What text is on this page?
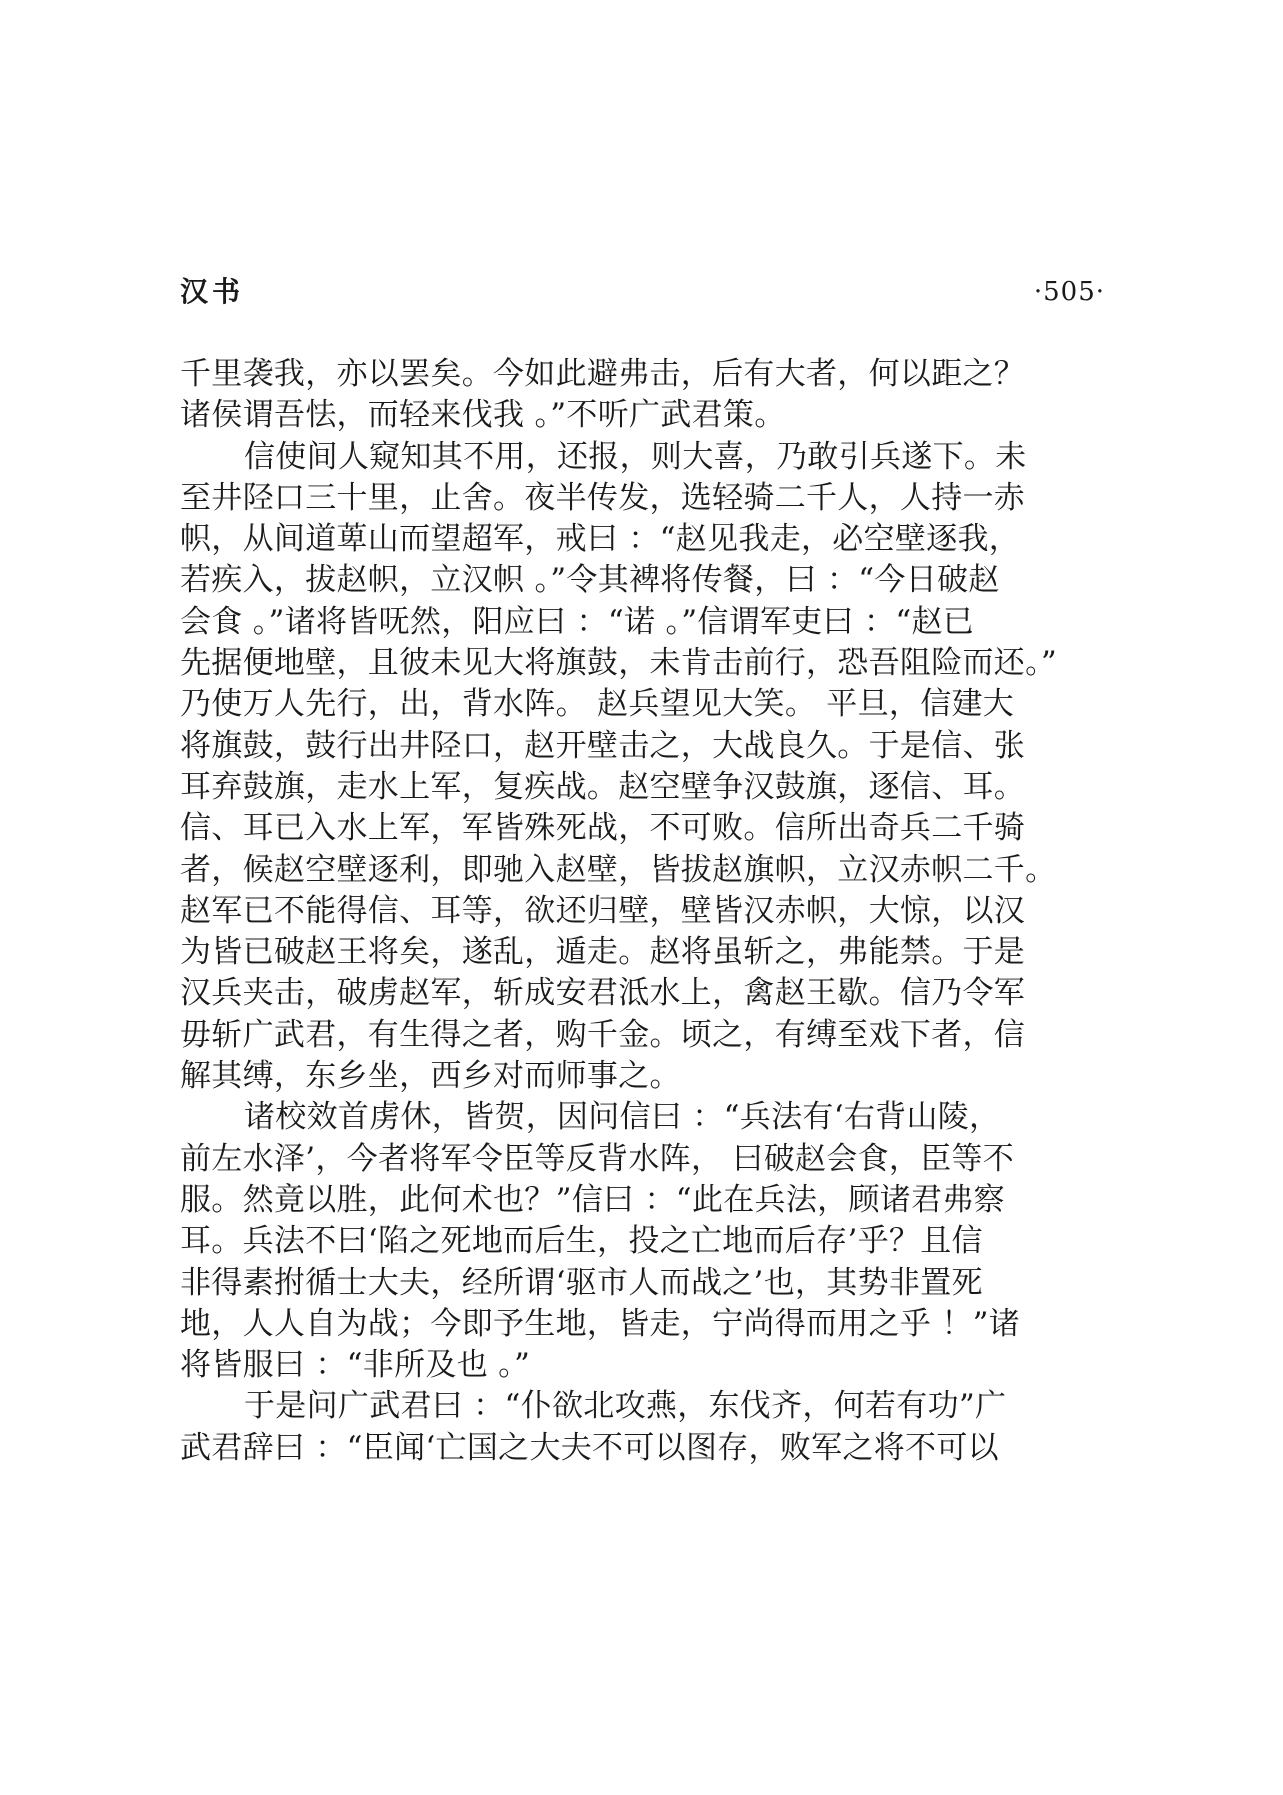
汉书	·505·
千里袭我，亦以罢矣。今如此避弗击，后有大者，何以距之？
诸侯谓吾怯，而轻来伐我 。”不听广武君策。
信使间人窥知其不用，还报，则大喜，乃敢引兵遂下。未
至井陉口三十里，止舍。夜半传发，选轻骑二千人，人持一赤
帜，从间道萆山而望超军，戒曰 ：“赵见我走，必空壁逐我，
若疾入，拔赵帜，立汉帜 。”令其裨将传餐，曰 ：“今日破赵
会食 。”诸将皆呒然，阳应曰 ：“诺 。”信谓军吏曰 ：“赵已
先据便地壁，且彼未见大将旗鼓，未肯击前行，恐吾阻险而还。”
乃使万人先行，出，背水阵。 赵兵望见大笑。 平旦，信建大
将旗鼓，鼓行出井陉口，赵开壁击之，大战良久。于是信、张
耳弃鼓旗，走水上军，复疾战。赵空壁争汉鼓旗，逐信、耳。
信、耳已入水上军，军皆殊死战，不可败。信所出奇兵二千骑
者，候赵空壁逐利，即驰入赵壁，皆拔赵旗帜，立汉赤帜二千。
赵军已不能得信、耳等，欲还归壁，壁皆汉赤帜，大惊，以汉
为皆已破赵王将矣，遂乱，遁走。赵将虽斩之，弗能禁。于是
汉兵夹击，破虏赵军，斩成安君泜水上，禽赵王歇。信乃令军
毋斩广武君，有生得之者，购千金。顷之，有缚至戏下者，信
解其缚，东乡坐，西乡对而师事之。
诸校效首虏休，皆贺，因问信曰 ：“兵法有‘右背山陵，
前左水泽’，今者将军令臣等反背水阵， 曰破赵会食，臣等不
服。然竟以胜，此何术也？”信曰 ：“此在兵法，顾诸君弗察
耳。兵法不曰‘陷之死地而后生，投之亡地而后存’乎？且信
非得素拊循士大夫，经所谓‘驱市人而战之’也，其势非置死
地，人人自为战；今即予生地，皆走，宁尚得而用之乎 ！”诸
将皆服曰 ：“非所及也 。”
于是问广武君曰 ：“仆欲北攻燕，东伐齐，何若有功”广
武君辞曰 ：“臣闻‘亡国之大夫不可以图存，败军之将不可以
